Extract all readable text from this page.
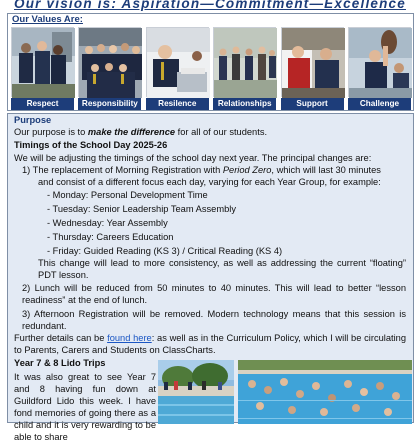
Our vision is: Aspiration—Commitment—Excellence
Our Values Are:
Respect	Responsibility	Resilence	Relationships	Support	Challenge
Purpose
Our purpose is to make the difference for all of our students.
Timings of the School Day 2025-26
We will be adjusting the timings of the school day next year. The principal changes are:
1) The replacement of Morning Registration with Period Zero, which will last 30 minutes
and consist of a different focus each day, varying for each Year Group, for example:
- Monday: Personal Development Time
- Tuesday: Senior Leadership Team Assembly
- Wednesday: Year Assembly
- Thursday: Careers Education
- Friday: Guided Reading (KS 3) / Critical Reading (KS 4)
This change will lead to more consistency, as well as addressing the current “floating” PDT lesson.
2) Lunch will be reduced from 50 minutes to 40 minutes. This will lead to better “lesson readiness” at the end of lunch.
3) Afternoon Registration will be removed. Modern technology means that this session is redundant.
Further details can be found here: as well as in the Curriculum Policy, which I will be circulating to Parents, Carers and Students on ClassCharts.
Year 7 & 8 Lido Trips
It was also great to see Year 7 and 8 having fun down at Guildford Lido this week. I have fond memories of going there as a child and it is very rewarding to be able to share
